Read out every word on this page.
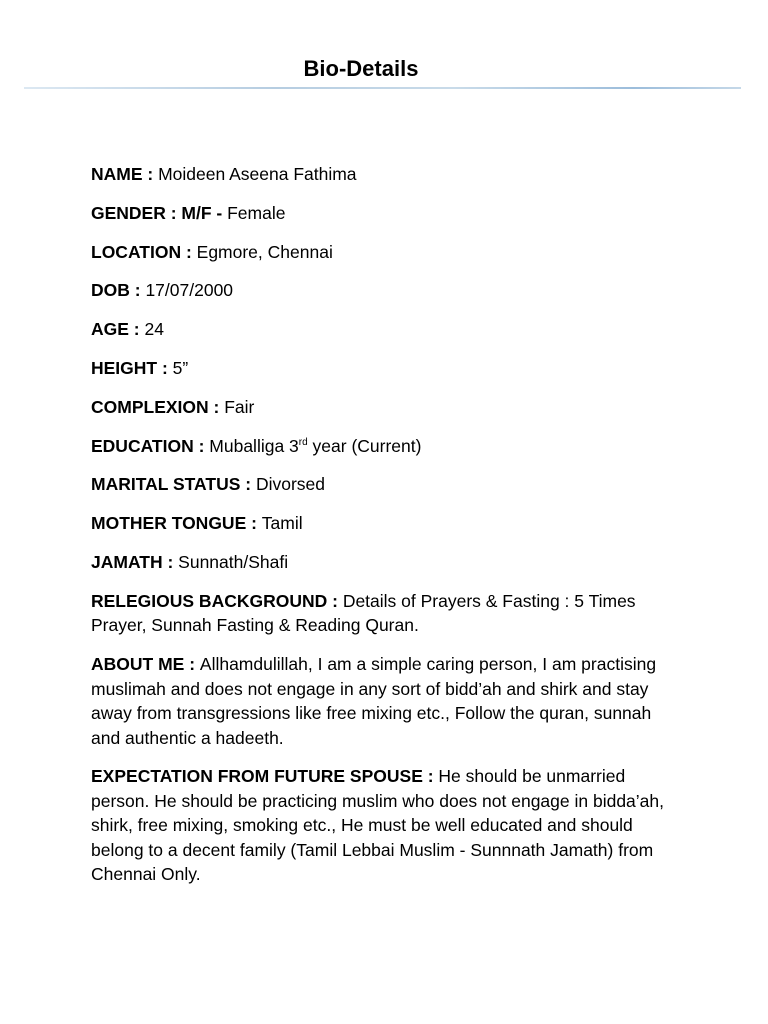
Bio-Details

NAME : Moideen Aseena Fathima

GENDER : M/F - Female

LOCATION : Egmore, Chennai

DOB : 17/07/2000

AGE : 24

HEIGHT : 5”

COMPLEXION : Fair

EDUCATION : Muballiga 3rd year (Current)

MARITAL STATUS : Divorsed

MOTHER TONGUE : Tamil

JAMATH : Sunnath/Shafi

RELEGIOUS BACKGROUND : Details of Prayers & Fasting : 5 Times Prayer, Sunnah Fasting & Reading Quran.

ABOUT ME : Allhamdulillah, I am a simple caring person, I am practising muslimah and does not engage in any sort of bidd’ah and shirk and stay away from transgressions like free mixing etc., Follow the quran, sunnah and authentic a hadeeth.

EXPECTATION FROM FUTURE SPOUSE : He should be unmarried person. He should be practicing muslim who does not engage in bidda’ah, shirk, free mixing, smoking etc., He must be well educated and should belong to a decent family (Tamil Lebbai Muslim - Sunnnath Jamath) from Chennai Only.
